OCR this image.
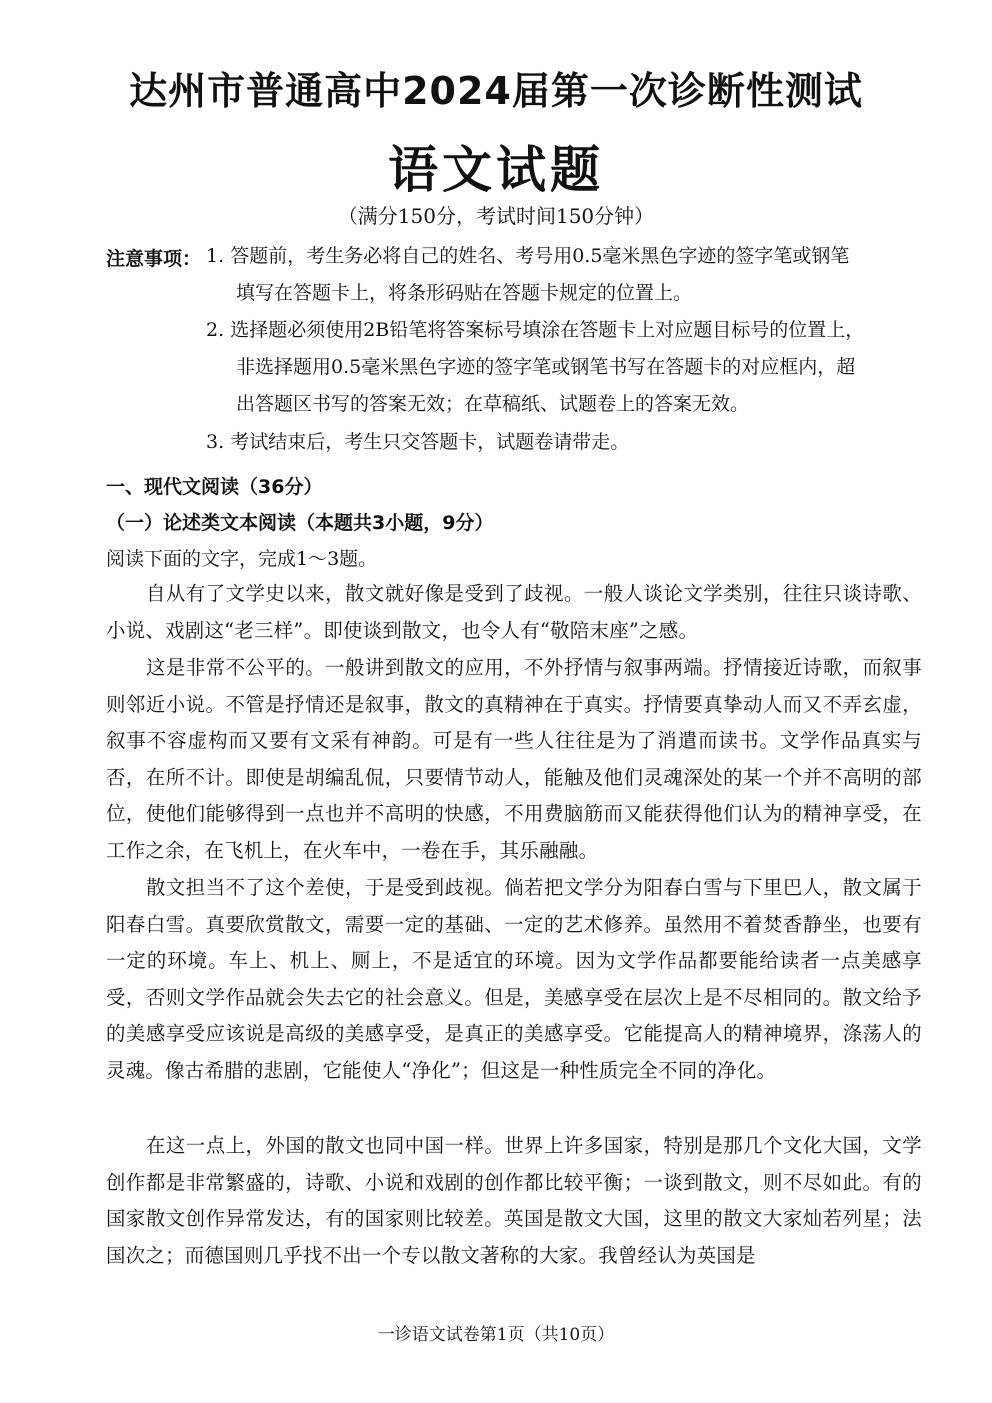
达州市普通高中2024届第一次诊断性测试
语文试题
（满分150分，考试时间150分钟）
注意事项： 1. 答题前，考生务必将自己的姓名、考号用0.5毫米黑色字迹的签字笔或钢笔
填写在答题卡上，将条形码贴在答题卡规定的位置上。
2. 选择题必须使用2B铅笔将答案标号填涂在答题卡上对应题目标号的位置上，
非选择题用0.5毫米黑色字迹的签字笔或钢笔书写在答题卡的对应框内，超
出答题区书写的答案无效；在草稿纸、试题卷上的答案无效。
3. 考试结束后，考生只交答题卡，试题卷请带走。
一、现代文阅读（36分）
（一）论述类文本阅读（本题共3小题，9分）
阅读下面的文字，完成1～3题。

自从有了文学史以来，散文就好像是受到了歧视。一般人谈论文学类别，往往只谈诗歌、小说、戏剧这“老三样”。即使谈到散文，也令人有“敬陪末座”之感。

这是非常不公平的。一般讲到散文的应用，不外抒情与叙事两端。抒情接近诗歌，而叙事则邻近小说。不管是抒情还是叙事，散文的真精神在于真实。抒情要真挚动人而又不弄玄虚，叙事不容虚构而又要有文采有神韵。可是有一些人往往是为了消遣而读书。文学作品真实与否，在所不计。即使是胡编乱侃，只要情节动人，能触及他们灵魂深处的某一个并不高明的部位，使他们能够得到一点也并不高明的快感，不用费脑筋而又能获得他们认为的精神享受，在工作之余，在飞机上，在火车中，一卷在手，其乐融融。

散文担当不了这个差使，于是受到歧视。倘若把文学分为阳春白雪与下里巴人，散文属于阳春白雪。真要欣赏散文，需要一定的基础、一定的艺术修养。虽然用不着焚香静坐，也要有一定的环境。车上、机上、厕上，不是适宜的环境。因为文学作品都要能给读者一点美感享受，否则文学作品就会失去它的社会意义。但是，美感享受在层次上是不尽相同的。散文给予的美感享受应该说是高级的美感享受，是真正的美感享受。它能提高人的精神境界，涤荡人的灵魂。像古希腊的悲剧，它能使人“净化”；但这是一种性质完全不同的净化。

在这一点上，外国的散文也同中国一样。世界上许多国家，特别是那几个文化大国，文学创作都是非常繁盛的，诗歌、小说和戏剧的创作都比较平衡；一谈到散文，则不尽如此。有的国家散文创作异常发达，有的国家则比较差。英国是散文大国，这里的散文大家灿若列星；法国次之；而德国则几乎找不出一个专以散文著称的大家。我曾经认为英国是

一诊语文试卷第1页（共10页）
